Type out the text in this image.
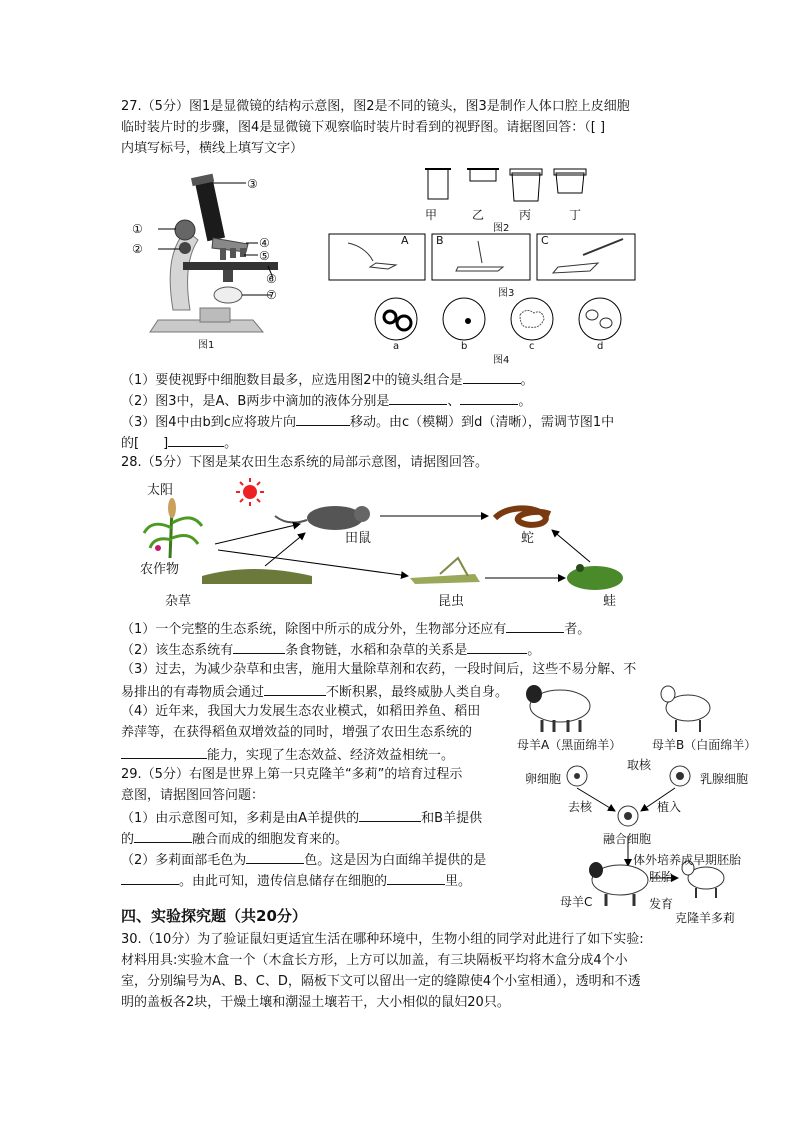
27.（5分）图1是显微镜的结构示意图，图2是不同的镜头，图3是制作人体口腔上皮细胞
临时装片时的步骤，图4是显微镜下观察临时装片时看到的视野图。请据图回答：（[ ]
内填写标号，横线上填写文字）
③
①
②	④
⑤
⑥
⑦
图1
甲	乙	丙	丁
图2
A B	C
图3
a	b	c	d
图4
（1）要使视野中细胞数目最多，应选用图2中的镜头组合是	。
（2）图3中，是A、B两步中滴加的液体分别是	、	。
（3）图4中由b到c应将玻片向	移动。由c（模糊）到d（清晰），需调节图1中
的[ ]	。
28.（5分）下图是某农田生态系统的局部示意图，请据图回答。
太阳
农作物
杂草
田鼠	蛇
昆虫	蛙
（1）一个完整的生态系统，除图中所示的成分外，生物部分还应有	者。
（2）该生态系统有	条食物链，水稻和杂草的关系是	。
（3）过去，为减少杂草和虫害，施用大量除草剂和农药，一段时间后，这些不易分解、不
易排出的有毒物质会通过	不断积累，最终威胁人类自身。
（4）近年来，我国大力发展生态农业模式，如稻田养鱼、稻田
养萍等，在获得稻鱼双增效益的同时，增强了农田生态系统的
能力，实现了生态效益、经济效益相统一。
29.（5分）右图是世界上第一只克隆羊“多莉”的培育过程示
意图，请据图回答问题：
（1）由示意图可知，多莉是由A羊提供的	和B羊提供
的	融合而成的细胞发育来的。
（2）多莉面部毛色为	色。这是因为白面绵羊提供的是
。由此可知，遗传信息储存在细胞的	里。
母羊A（黑面绵羊）	母羊B（白面绵羊）
卵细胞
取核
乳腺细胞
去核	植入
融合细胞
体外培养成早期胚胎
胚胎
母羊C	发育
克隆羊多莉
四、实验探究题（共20分）
30.（10分）为了验证鼠妇更适宜生活在哪种环境中，生物小组的同学对此进行了如下实验:
材料用具:实验木盒一个（木盒长方形，上方可以加盖，有三块隔板平均将木盒分成4个小
室，分别编号为A、B、C、D，隔板下文可以留出一定的缝隙使4个小室相通），透明和不透
明的盖板各2块，干燥土壤和潮湿土壤若干，大小相似的鼠妇20只。
